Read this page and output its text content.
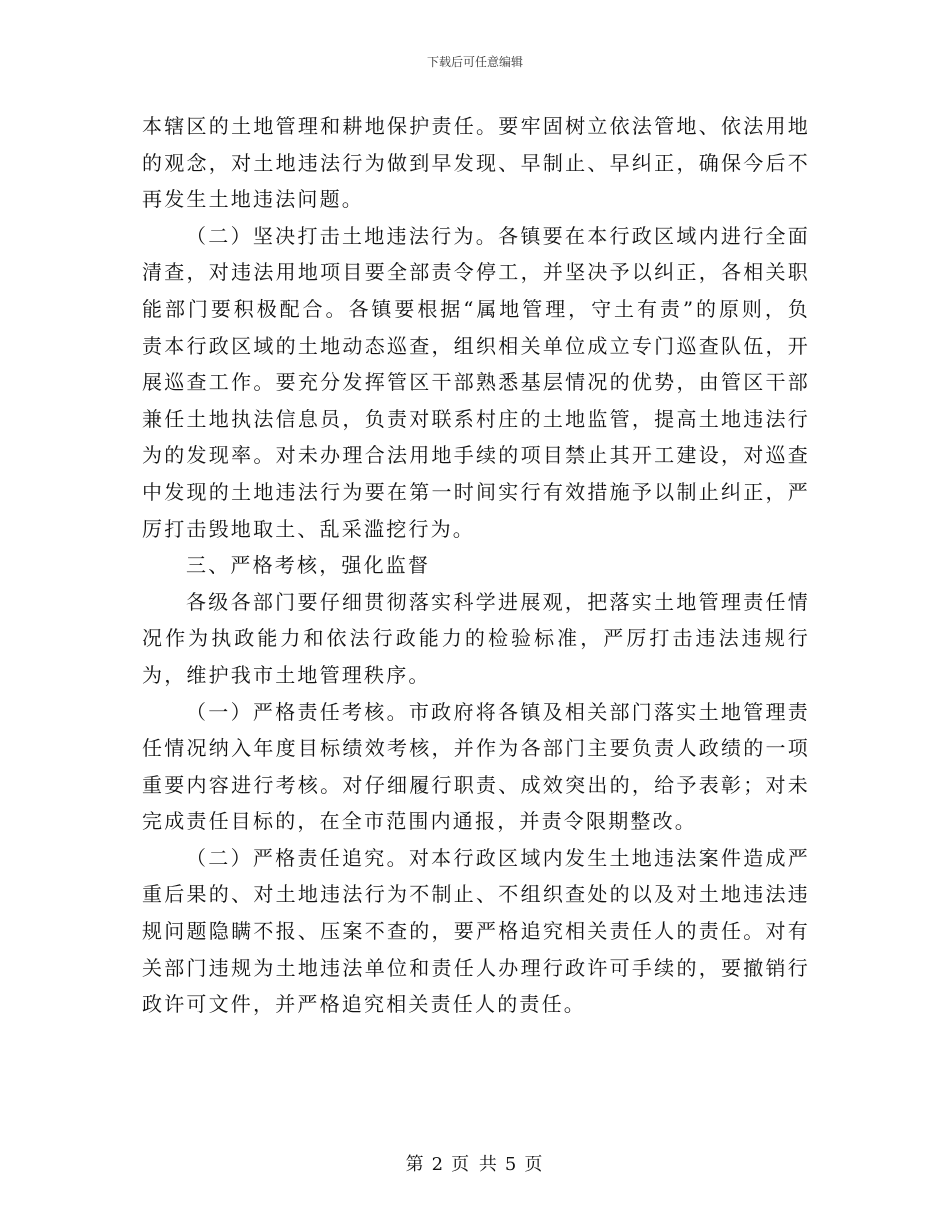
下载后可任意编辑

本辖区的土地管理和耕地保护责任。要牢固树立依法管地、依法用地的观念，对土地违法行为做到早发现、早制止、早纠正，确保今后不再发生土地违法问题。

（二）坚决打击土地违法行为。各镇要在本行政区域内进行全面清查，对违法用地项目要全部责令停工，并坚决予以纠正，各相关职能部门要积极配合。各镇要根据“属地管理，守土有责”的原则，负责本行政区域的土地动态巡查，组织相关单位成立专门巡查队伍，开展巡查工作。要充分发挥管区干部熟悉基层情况的优势，由管区干部兼任土地执法信息员，负责对联系村庄的土地监管，提高土地违法行为的发现率。对未办理合法用地手续的项目禁止其开工建设，对巡查中发现的土地违法行为要在第一时间实行有效措施予以制止纠正，严厉打击毁地取土、乱采滥挖行为。

三、严格考核，强化监督

各级各部门要仔细贯彻落实科学进展观，把落实土地管理责任情况作为执政能力和依法行政能力的检验标准，严厉打击违法违规行为，维护我市土地管理秩序。

（一）严格责任考核。市政府将各镇及相关部门落实土地管理责任情况纳入年度目标绩效考核，并作为各部门主要负责人政绩的一项重要内容进行考核。对仔细履行职责、成效突出的，给予表彰；对未完成责任目标的，在全市范围内通报，并责令限期整改。

（二）严格责任追究。对本行政区域内发生土地违法案件造成严重后果的、对土地违法行为不制止、不组织查处的以及对土地违法违规问题隐瞒不报、压案不查的，要严格追究相关责任人的责任。对有关部门违规为土地违法单位和责任人办理行政许可手续的，要撤销行政许可文件，并严格追究相关责任人的责任。

第 2 页 共 5 页
